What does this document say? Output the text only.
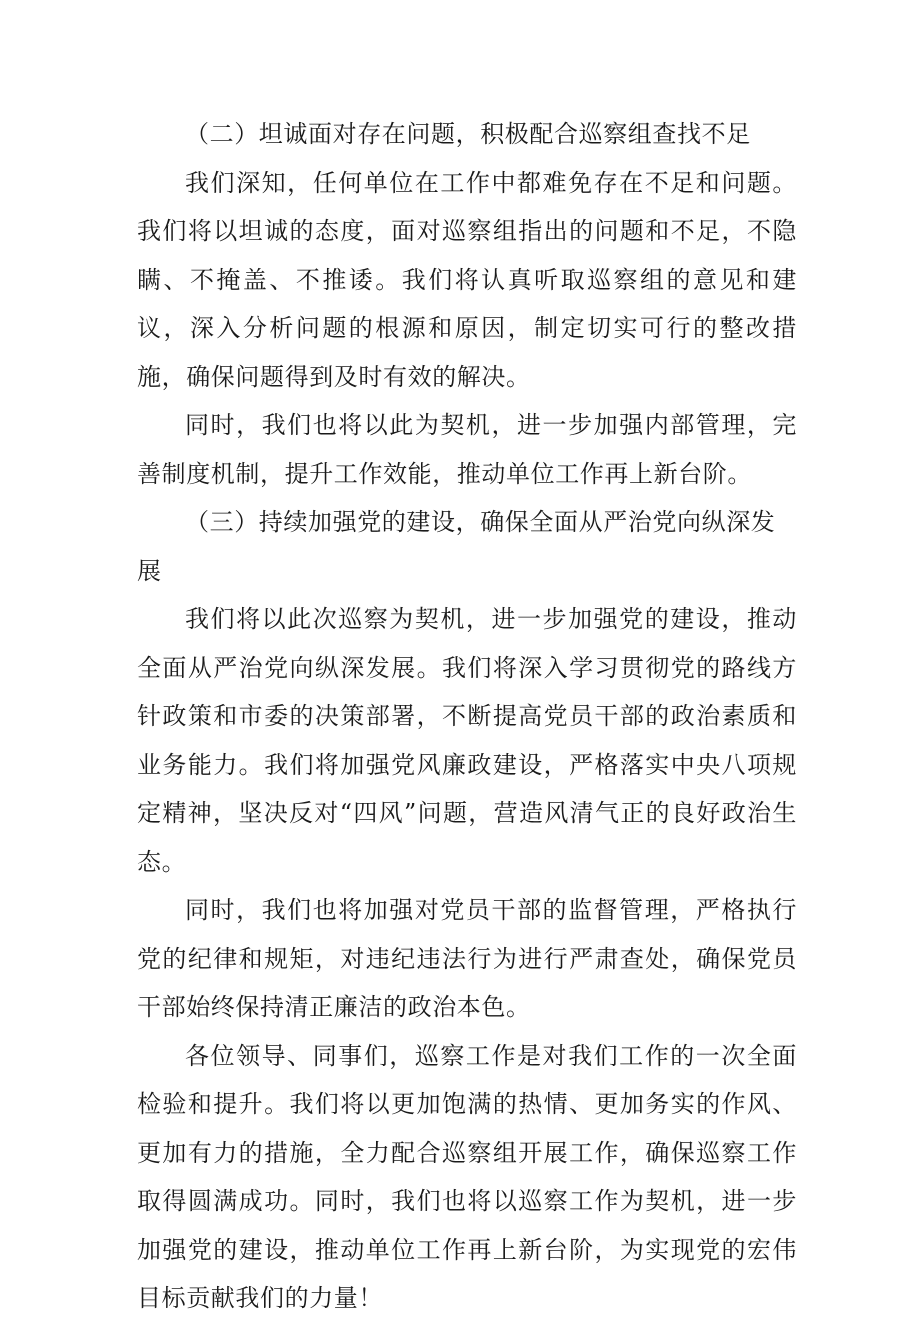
（二）坦诚面对存在问题，积极配合巡察组查找不足

我们深知，任何单位在工作中都难免存在不足和问题。我们将以坦诚的态度，面对巡察组指出的问题和不足，不隐瞒、不掩盖、不推诿。我们将认真听取巡察组的意见和建议，深入分析问题的根源和原因，制定切实可行的整改措施，确保问题得到及时有效的解决。

同时，我们也将以此为契机，进一步加强内部管理，完善制度机制，提升工作效能，推动单位工作再上新台阶。

（三）持续加强党的建设，确保全面从严治党向纵深发展

我们将以此次巡察为契机，进一步加强党的建设，推动全面从严治党向纵深发展。我们将深入学习贯彻党的路线方针政策和市委的决策部署，不断提高党员干部的政治素质和业务能力。我们将加强党风廉政建设，严格落实中央八项规定精神，坚决反对“四风”问题，营造风清气正的良好政治生态。

同时，我们也将加强对党员干部的监督管理，严格执行党的纪律和规矩，对违纪违法行为进行严肃查处，确保党员干部始终保持清正廉洁的政治本色。

各位领导、同事们，巡察工作是对我们工作的一次全面检验和提升。我们将以更加饱满的热情、更加务实的作风、更加有力的措施，全力配合巡察组开展工作，确保巡察工作取得圆满成功。同时，我们也将以巡察工作为契机，进一步加强党的建设，推动单位工作再上新台阶，为实现党的宏伟目标贡献我们的力量！
